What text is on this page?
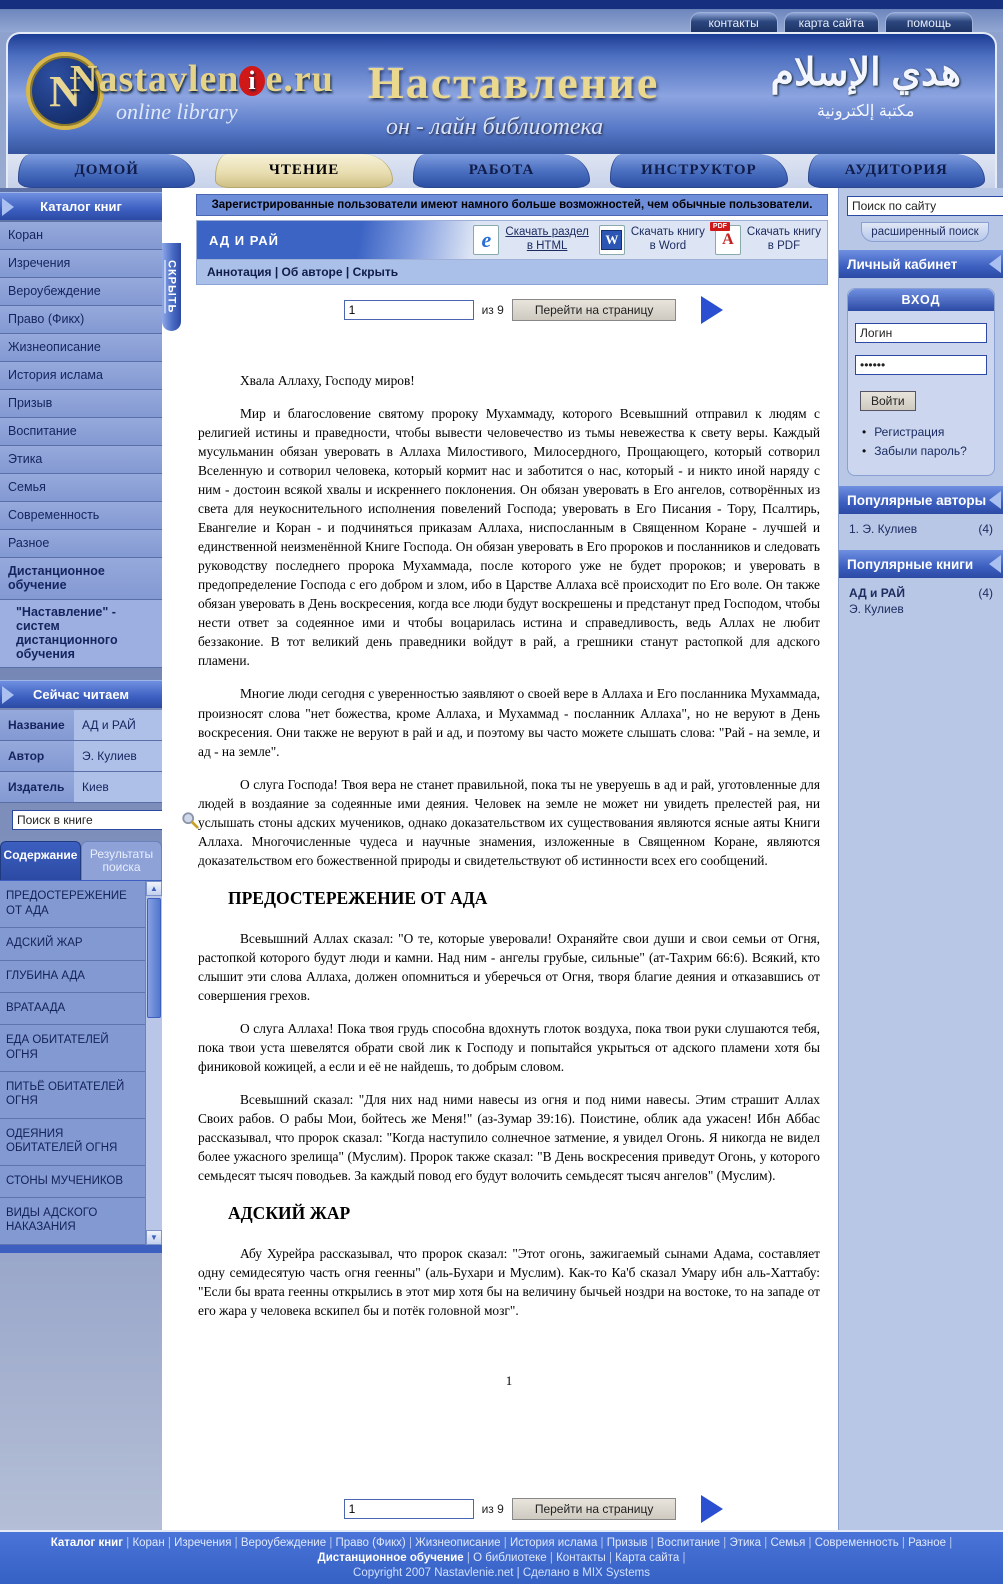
контакты	карта сайта	помощь
N
Nastavlen i e.ru
online library
Наставление
он - лайн библиотека
هدي الإسلام
مكتبة إلكترونية
ДОМОЙ	ЧТЕНИЕ	РАБОТА	ИНСТРУКТОР	АУДИТОРИЯ
Каталог книг
Коран
Изречения
Вероубеждение
Право (Фикх)
Жизнеописание
История ислама
Призыв
Воспитание
Этика
Семья
Современность
Разное
Дистанционное обучение
"Наставление" - систем дистанционного обучения
Сейчас читаем
Название	АД и РАЙ
Автор	Э. Кулиев
Издатель	Киев
Поиск в книге
Содержание	Результаты поиска
ПРЕДОСТЕРЕЖЕНИЕ ОТ АДА
АДСКИЙ ЖАР
ГЛУБИНА АДА
ВРАТААДА
ЕДА ОБИТАТЕЛЕЙ ОГНЯ
ПИТЬЁ ОБИТАТЕЛЕЙ ОГНЯ
ОДЕЯНИЯ ОБИТАТЕЛЕЙ ОГНЯ
СТОНЫ МУЧЕНИКОВ
ВИДЫ АДСКОГО НАКАЗАНИЯ
▲
▼
СКРЫТЬ
Зарегистрированные пользователи имеют намного больше возможностей, чем обычные пользователи.
АД И РАЙ	e Скачать раздел
в HTML	W	Скачать книгу
в Word
PDF
A Скачать книгу
в PDF
Аннотация | Об авторе | Скрыть
1
из 9	Перейти на страницу

Хвала Аллаху, Господу миров!

Мир и благословение святому пророку Мухаммаду, которого Всевышний отправил к людям с религией истины и праведности, чтобы вывести человечество из тьмы невежества к свету веры. Каждый мусульманин обязан уверовать в Аллаха Милостивого, Милосердного, Прощающего, который сотворил Вселенную и сотворил человека, который кормит нас и заботится о нас, который - и никто иной наряду с ним - достоин всякой хвалы и искреннего поклонения. Он обязан уверовать в Его ангелов, сотворённых из света для неукоснительного исполнения повелений Господа; уверовать в Его Писания - Тору, Псалтирь, Евангелие и Коран - и подчиняться приказам Аллаха, ниспосланным в Священном Коране - лучшей и единственной неизменённой Книге Господа. Он обязан уверовать в Его пророков и посланников и следовать руководству последнего пророка Мухаммада, после которого уже не будет пророков; и уверовать в предопределение Господа с его добром и злом, ибо в Царстве Аллаха всё происходит по Его воле. Он также обязан уверовать в День воскресения, когда все люди будут воскрешены и предстанут пред Господом, чтобы нести ответ за содеянное ими и чтобы воцарилась истина и справедливость, ведь Аллах не любит беззаконие. В тот великий день праведники войдут в рай, а грешники станут растопкой для адского пламени.

Многие люди сегодня с уверенностью заявляют о своей вере в Аллаха и Его посланника Мухаммада, произносят слова "нет божества, кроме Аллаха, и Мухаммад - посланник Аллаха", но не веруют в День воскресения. Они также не веруют в рай и ад, и поэтому вы часто можете слышать слова: "Рай - на земле, и ад - на земле".

О слуга Господа! Твоя вера не станет правильной, пока ты не уверуешь в ад и рай, уготовленные для людей в воздаяние за содеянные ими деяния. Человек на земле не может ни увидеть прелестей рая, ни услышать стоны адских мучеников, однако доказательством их существования являются ясные аяты Книги Аллаха. Многочисленные чудеса и научные знамения, изложенные в Священном Коране, являются доказательством его божественной природы и свидетельствуют об истинности всех его сообщений.

ПРЕДОСТЕРЕЖЕНИЕ ОТ АДА

Всевышний Аллах сказал: "О те, которые уверовали! Охраняйте свои души и свои семьи от Огня, растопкой которого будут люди и камни. Над ним - ангелы грубые, сильные" (ат-Тахрим 66:6). Всякий, кто слышит эти слова Аллаха, должен опомниться и уберечься от Огня, творя благие деяния и отказавшись от совершения грехов.

О слуга Аллаха! Пока твоя грудь способна вдохнуть глоток воздуха, пока твои руки слушаются тебя, пока твои уста шевелятся обрати свой лик к Господу и попытайся укрыться от адского пламени хотя бы финиковой кожицей, а если и её не найдешь, то добрым словом.

Всевышний сказал: "Для них над ними навесы из огня и под ними навесы. Этим страшит Аллах Своих рабов. О рабы Мои, бойтесь же Меня!" (аз-Зумар 39:16). Поистине, облик ада ужасен! Ибн Аббас рассказывал, что пророк сказал: "Когда наступило солнечное затмение, я увидел Огонь. Я никогда не видел более ужасного зрелища" (Муслим). Пророк также сказал: "В День воскресения приведут Огонь, у которого семьдесят тысяч поводьев. За каждый повод его будут волочить семьдесят тысяч ангелов" (Муслим).

АДСКИЙ ЖАР

Абу Хурейра рассказывал, что пророк сказал: "Этот огонь, зажигаемый сынами Адама, составляет одну семидесятую часть огня геенны" (аль-Бухари и Муслим). Как-то Ка'б сказал Умару ибн аль-Хаттабу: "Если бы врата геенны открылись в этот мир хотя бы на величину бычьей ноздри на востоке, то на западе от его жара у человека вскипел бы и потёк головной мозг".

1
1
из 9	Перейти на страницу
Поиск по сайту
расширенный поиск
Личный кабинет
ВХОД
Логин
••••••
Войти
• Регистрация
• Забыли пароль?
Популярные авторы
1. Э. Кулиев	(4)
Популярные книги
АД и РАЙ
Э. Кулиев
(4)
Каталог книг | Коран | Изречения | Вероубеждение | Право (Фикх) | Жизнеописание | История ислама | Призыв | Воспитание | Этика | Семья | Современность | Разное |
Дистанционное обучение | О библиотеке | Контакты | Карта сайта |
Copyright 2007 Nastavlenie.net | Сделано в MIX Systems
